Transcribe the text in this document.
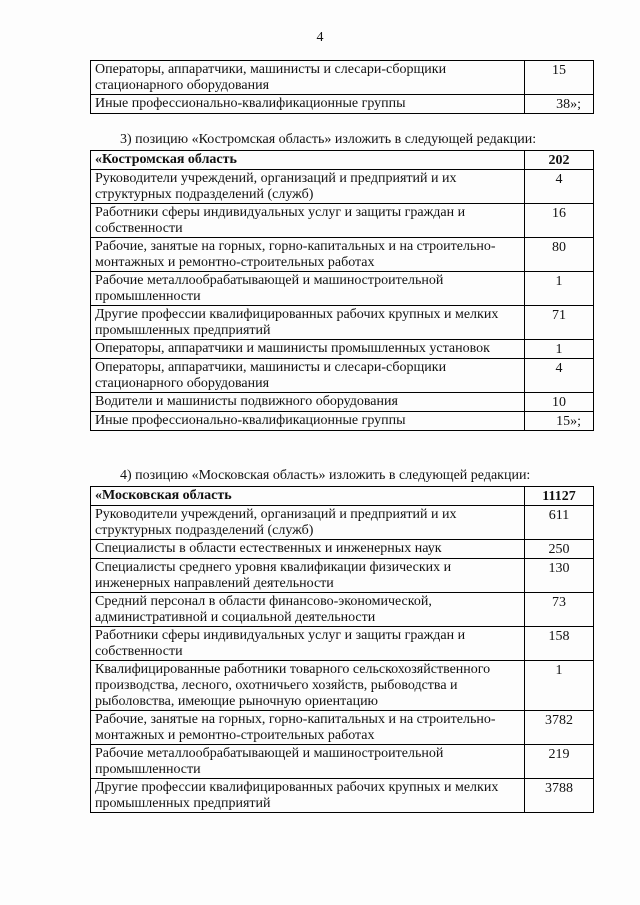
4
Операторы, аппаратчики, машинисты и слесари-сборщики стационарного оборудования	15
Иные профессионально-квалификационные группы	38»;
3) позицию «Костромская область» изложить в следующей редакции:
«Костромская область	202
Руководители учреждений, организаций и предприятий и их структурных подразделений (служб)	4
Работники сферы индивидуальных услуг и защиты граждан и собственности	16
Рабочие, занятые на горных, горно-капитальных и на строительно-монтажных и ремонтно-строительных работах	80
Рабочие металлообрабатывающей и машиностроительной промышленности	1
Другие профессии квалифицированных рабочих крупных и мелких промышленных предприятий	71
Операторы, аппаратчики и машинисты промышленных установок	1
Операторы, аппаратчики, машинисты и слесари-сборщики стационарного оборудования	4
Водители и машинисты подвижного оборудования	10
Иные профессионально-квалификационные группы	15»;
4) позицию «Московская область» изложить в следующей редакции:
«Московская область	11127
Руководители учреждений, организаций и предприятий и их структурных подразделений (служб)	611
Специалисты в области естественных и инженерных наук	250
Специалисты среднего уровня квалификации физических и инженерных направлений деятельности	130
Средний персонал в области финансово-экономической, административной и социальной деятельности	73
Работники сферы индивидуальных услуг и защиты граждан и собственности	158
Квалифицированные работники товарного сельскохозяйственного производства, лесного, охотничьего хозяйств, рыбоводства и рыболовства, имеющие рыночную ориентацию	1
Рабочие, занятые на горных, горно-капитальных и на строительно-монтажных и ремонтно-строительных работах	3782
Рабочие металлообрабатывающей и машиностроительной промышленности	219
Другие профессии квалифицированных рабочих крупных и мелких промышленных предприятий	3788
